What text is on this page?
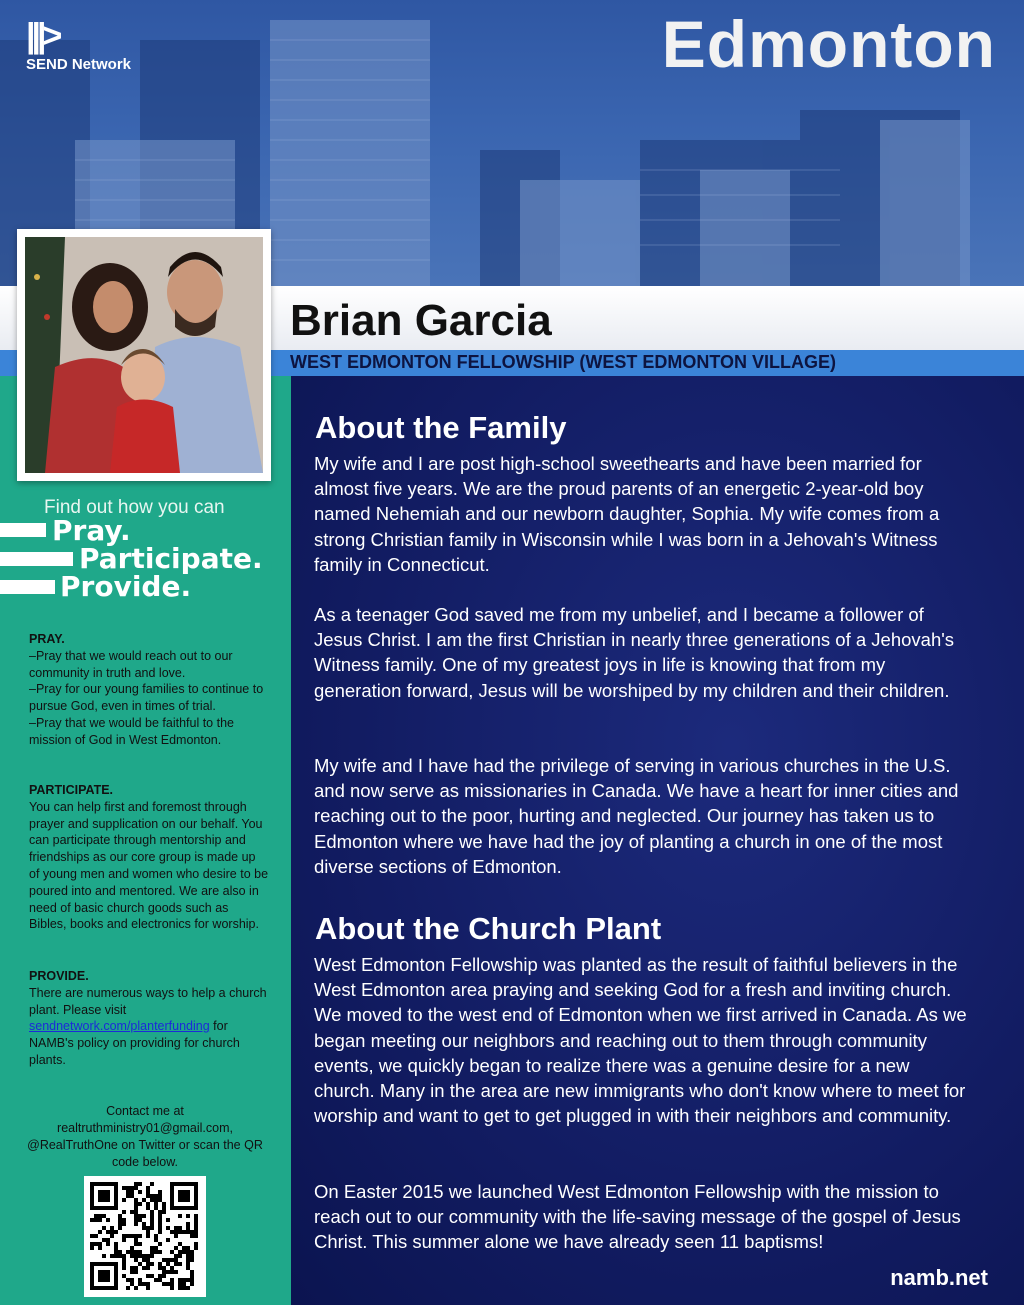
|||>
SEND Network	Edmonton
Brian Garcia
WEST EDMONTON FELLOWSHIP (WEST EDMONTON VILLAGE)
Find out how you can
Pray.
Participate.
Provide.
PRAY.
–Pray that we would reach out to our community in truth and love.
–Pray for our young families to continue to pursue God, even in times of trial.
–Pray that we would be faithful to the mission of God in West Edmonton.
PARTICIPATE.
You can help first and foremost through prayer and supplication on our behalf. You can participate through mentorship and friendships as our core group is made up of young men and women who desire to be poured into and mentored. We are also in need of basic church goods such as Bibles, books and electronics for worship.
PROVIDE.
There are numerous ways to help a church plant. Please visit sendnetwork.com/planterfunding for NAMB's policy on providing for church plants.
Contact me at realtruthministry01@gmail.com, @RealTruthOne on Twitter or scan the QR code below.
About the Family
My wife and I are post high-school sweethearts and have been married for almost five years. We are the proud parents of an energetic 2-year-old boy named Nehemiah and our newborn daughter, Sophia. My wife comes from a strong Christian family in Wisconsin while I was born in a Jehovah's Witness family in Connecticut.
As a teenager God saved me from my unbelief, and I became a follower of Jesus Christ. I am the first Christian in nearly three generations of a Jehovah's Witness family. One of my greatest joys in life is knowing that from my generation forward, Jesus will be worshiped by my children and their children.
My wife and I have had the privilege of serving in various churches in the U.S. and now serve as missionaries in Canada. We have a heart for inner cities and reaching out to the poor, hurting and neglected. Our journey has taken us to Edmonton where we have had the joy of planting a church in one of the most diverse sections of Edmonton.
About the Church Plant
West Edmonton Fellowship was planted as the result of faithful believers in the West Edmonton area praying and seeking God for a fresh and inviting church. We moved to the west end of Edmonton when we first arrived in Canada. As we began meeting our neighbors and reaching out to them through community events, we quickly began to realize there was a genuine desire for a new church. Many in the area are new immigrants who don't know where to meet for worship and want to get to get plugged in with their neighbors and community.
On Easter 2015 we launched West Edmonton Fellowship with the mission to reach out to our community with the life-saving message of the gospel of Jesus Christ. This summer alone we have already seen 11 baptisms!
namb.net
